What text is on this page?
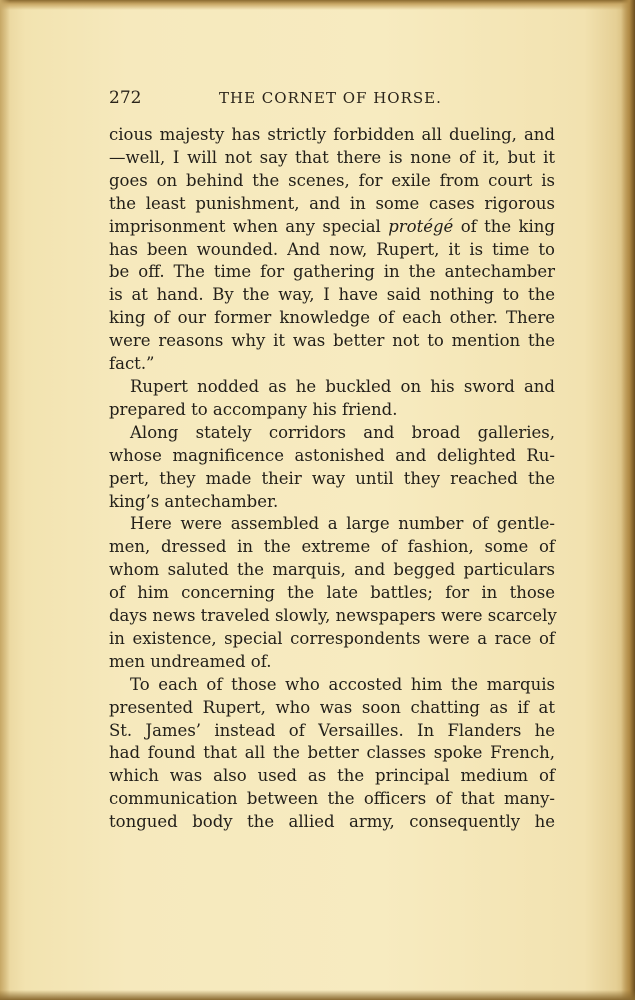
272	THE CORNET OF HORSE.
cious majesty has strictly forbidden all dueling, and
—well, I will not say that there is none of it, but it
goes on behind the scenes, for exile from court is
the least punishment, and in some cases rigorous
imprisonment when any special protégé of the king
has been wounded. And now, Rupert, it is time to
be off. The time for gathering in the antechamber
is at hand. By the way, I have said nothing to the
king of our former knowledge of each other. There
were reasons why it was better not to mention the
fact.”
Rupert nodded as he buckled on his sword and
prepared to accompany his friend.
Along stately corridors and broad galleries,
whose magnificence astonished and delighted Ru-
pert, they made their way until they reached the
king’s antechamber.
Here were assembled a large number of gentle-
men, dressed in the extreme of fashion, some of
whom saluted the marquis, and begged particulars
of him concerning the late battles; for in those
days news traveled slowly, newspapers were scarcely
in existence, special correspondents were a race of
men undreamed of.
To each of those who accosted him the marquis
presented Rupert, who was soon chatting as if at
St. James’ instead of Versailles. In Flanders he
had found that all the better classes spoke French,
which was also used as the principal medium of
communication between the officers of that many-
tongued body the allied army, consequently he
